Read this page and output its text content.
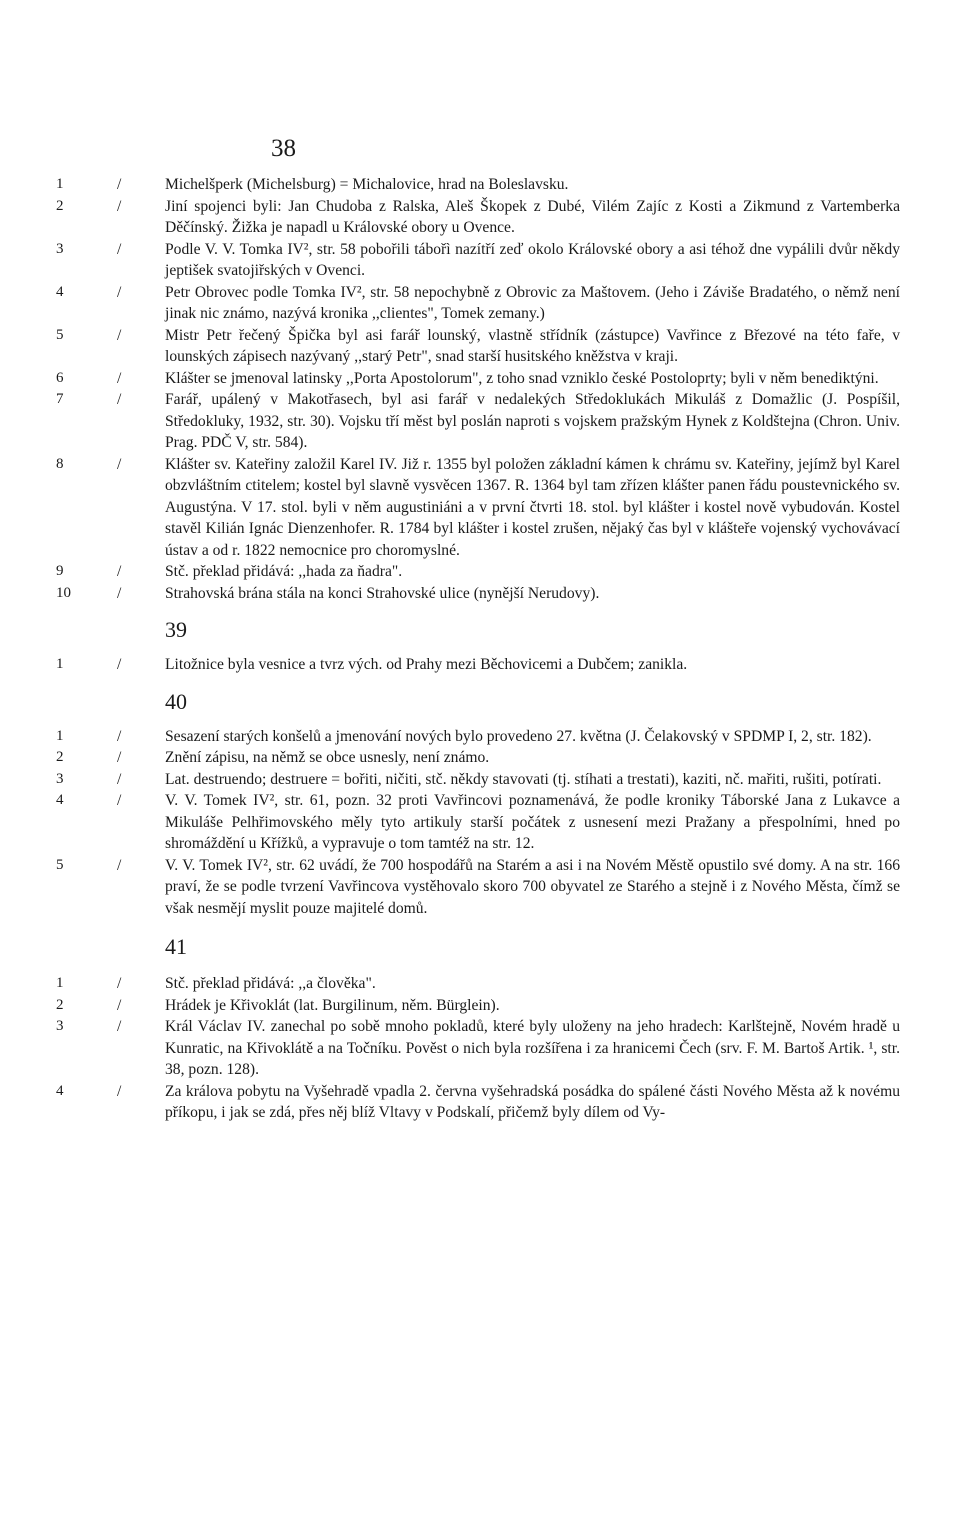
38
1	/	Michelšperk (Michelsburg) = Michalovice, hrad na Boleslavsku.
2	/	Jiní spojenci byli: Jan Chudoba z Ralska, Aleš Škopek z Dubé, Vilém Zajíc z Kosti a Zikmund z Vartemberka Děčínský. Žižka je napadl u Královské obory u Ovence.
3	/	Podle V. V. Tomka IV², str. 58 pobořili tábořì nazítří zeď okolo Královské obory a asi téhož dne vypálili dvůr někdy jeptišek svatojiřských v Ovenci.
4	/	Petr Obrovec podle Tomka IV², str. 58 nepochybně z Obrovic za Maštovem. (Jeho i Záviše Bradatého, o němž není jinak nic známo, nazývá kronika ,,clientes", Tomek zemany.)
5	/	Mistr Petr řečený Špička byl asi farář lounský, vlastně střídník (zástupce) Vavřince z Březové na této faře, v lounských zápisech nazývaný ,,starý Petr", snad starší husitského kněžstva v kraji.
6	/	Klášter se jmenoval latinsky ,,Porta Apostolorum", z toho snad vzniklo české Postoloprty; byli v něm benediktýni.
7	/	Farář, upálený v Makotřasech, byl asi farář v nedalekých Středoklukách Mikuláš z Domažlic (J. Pospíšil, Středokluky, 1932, str. 30). Vojsku tří měst byl poslán naproti s vojskem pražským Hynek z Koldštejna (Chron. Univ. Prag. PDČ V, str. 584).
8	/	Klášter sv. Kateřiny založil Karel IV. Již r. 1355 byl položen základní kámen k chrámu sv. Kateřiny, jejímž byl Karel obzvláštním ctitelem; kostel byl slavně vysvěcen 1367. R. 1364 byl tam zřízen klášter panen řádu poustevnického sv. Augustýna. V 17. stol. byli v něm augustiniáni a v první čtvrti 18. stol. byl klášter i kostel nově vybudován. Kostel stavěl Kilián Ignác Dienzenhofer. R. 1784 byl klášter i kostel zrušen, nějaký čas byl v klášteře vojenský vychovávací ústav a od r. 1822 nemocnice pro choromyslné.
9	/	Stč. překlad přidává: ,,hada za ňadra".
10	/	Strahovská brána stála na konci Strahovské ulice (nynější Nerudovy).
39
1	/	Litožnice byla vesnice a tvrz vých. od Prahy mezi Běchovicemi a Dubčem; zanikla.
40
1	/	Sesazení starých konšelů a jmenování nových bylo provedeno 27. května (J. Čelakovský v SPDMP I, 2, str. 182).
2	/	Znění zápisu, na němž se obce usnesly, není známo.
3	/	Lat. destruendo; destruere = bořiti, ničiti, stč. někdy stavovati (tj. stíhati a trestati), kaziti, nč. mařiti, rušiti, potírati.
4	/	V. V. Tomek IV², str. 61, pozn. 32 proti Vavřincovi poznamenává, že podle kroniky Táborské Jana z Lukavce a Mikuláše Pelhřimovského měly tyto artikuly starší počátek z usnesení mezi Pražany a přespolními, hned po shromáždění u Křížků, a vypravuje o tom tamtéž na str. 12.
5	/	V. V. Tomek IV², str. 62 uvádí, že 700 hospodářů na Starém a asi i na Novém Městě opustilo své domy. A na str. 166 praví, že se podle tvrzení Vavřincova vystěhovalo skoro 700 obyvatel ze Starého a stejně i z Nového Města, čímž se však nesmějí myslit pouze majitelé domů.
41
1	/	Stč. překlad přidává: ,,a člověka".
2	/	Hrádek je Křivoklát (lat. Burgilinum, něm. Bürglein).
3	/	Král Václav IV. zanechal po sobě mnoho pokladů, které byly uloženy na jeho hradech: Karlštejně, Novém hradě u Kunratic, na Křivoklátě a na Točníku. Pověst o nich byla rozšířena i za hranicemi Čech (srv. F. M. Bartoš Artik. ¹, str. 38, pozn. 128).
4	/	Za králova pobytu na Vyšehradě vpadla 2. června vyšehradská posádka do spálené části Nového Města až k novému příkopu, i jak se zdá, přes něj blíž Vltavy v Podskalí, přičemž byly dílem od Vy-
